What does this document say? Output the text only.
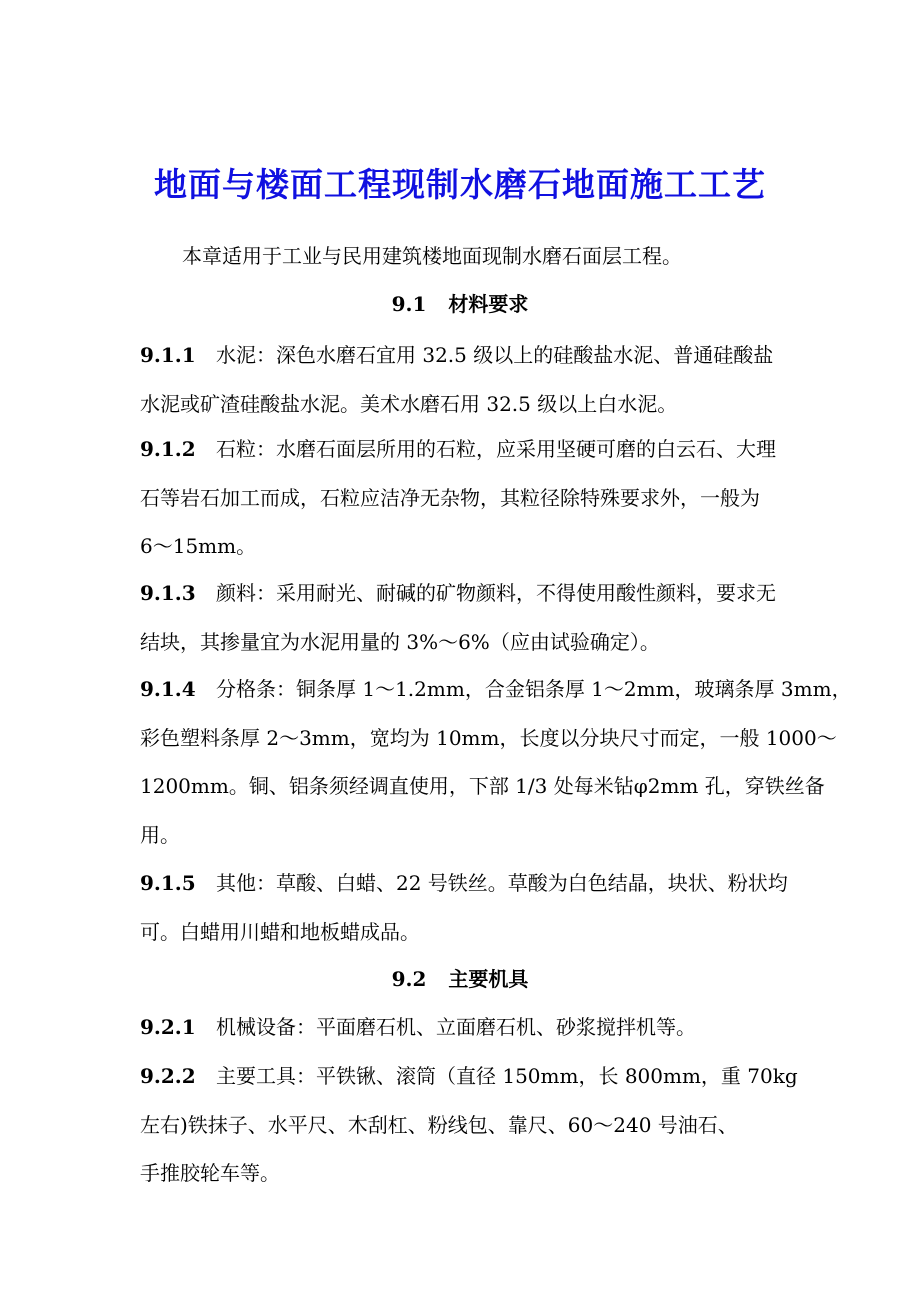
地面与楼面工程现制水磨石地面施工工艺
本章适用于工业与民用建筑楼地面现制水磨石面层工程。
9.1 材料要求
9.1.1 水泥：深色水磨石宜用 32.5 级以上的硅酸盐水泥、普通硅酸盐
水泥或矿渣硅酸盐水泥。美术水磨石用 32.5 级以上白水泥。
9.1.2 石粒：水磨石面层所用的石粒，应采用坚硬可磨的白云石、大理
石等岩石加工而成，石粒应洁净无杂物，其粒径除特殊要求外，一般为
6～15mm。
9.1.3 颜料：采用耐光、耐碱的矿物颜料，不得使用酸性颜料，要求无
结块，其掺量宜为水泥用量的 3%～6%（应由试验确定）。
9.1.4 分格条：铜条厚 1～1.2mm，合金铝条厚 1～2mm，玻璃条厚 3mm，
彩色塑料条厚 2～3mm，宽均为 10mm，长度以分块尺寸而定，一般 1000～
1200mm。铜、铝条须经调直使用，下部 1/3 处每米钻φ2mm 孔，穿铁丝备
用。
9.1.5 其他：草酸、白蜡、22 号铁丝。草酸为白色结晶，块状、粉状均
可。白蜡用川蜡和地板蜡成品。
9.2 主要机具
9.2.1 机械设备：平面磨石机、立面磨石机、砂浆搅拌机等。
9.2.2 主要工具：平铁锹、滚筒（直径 150mm，长 800mm，重 70kg
左右)铁抹子、水平尺、木刮杠、粉线包、靠尺、60～240 号油石、
手推胶轮车等。
